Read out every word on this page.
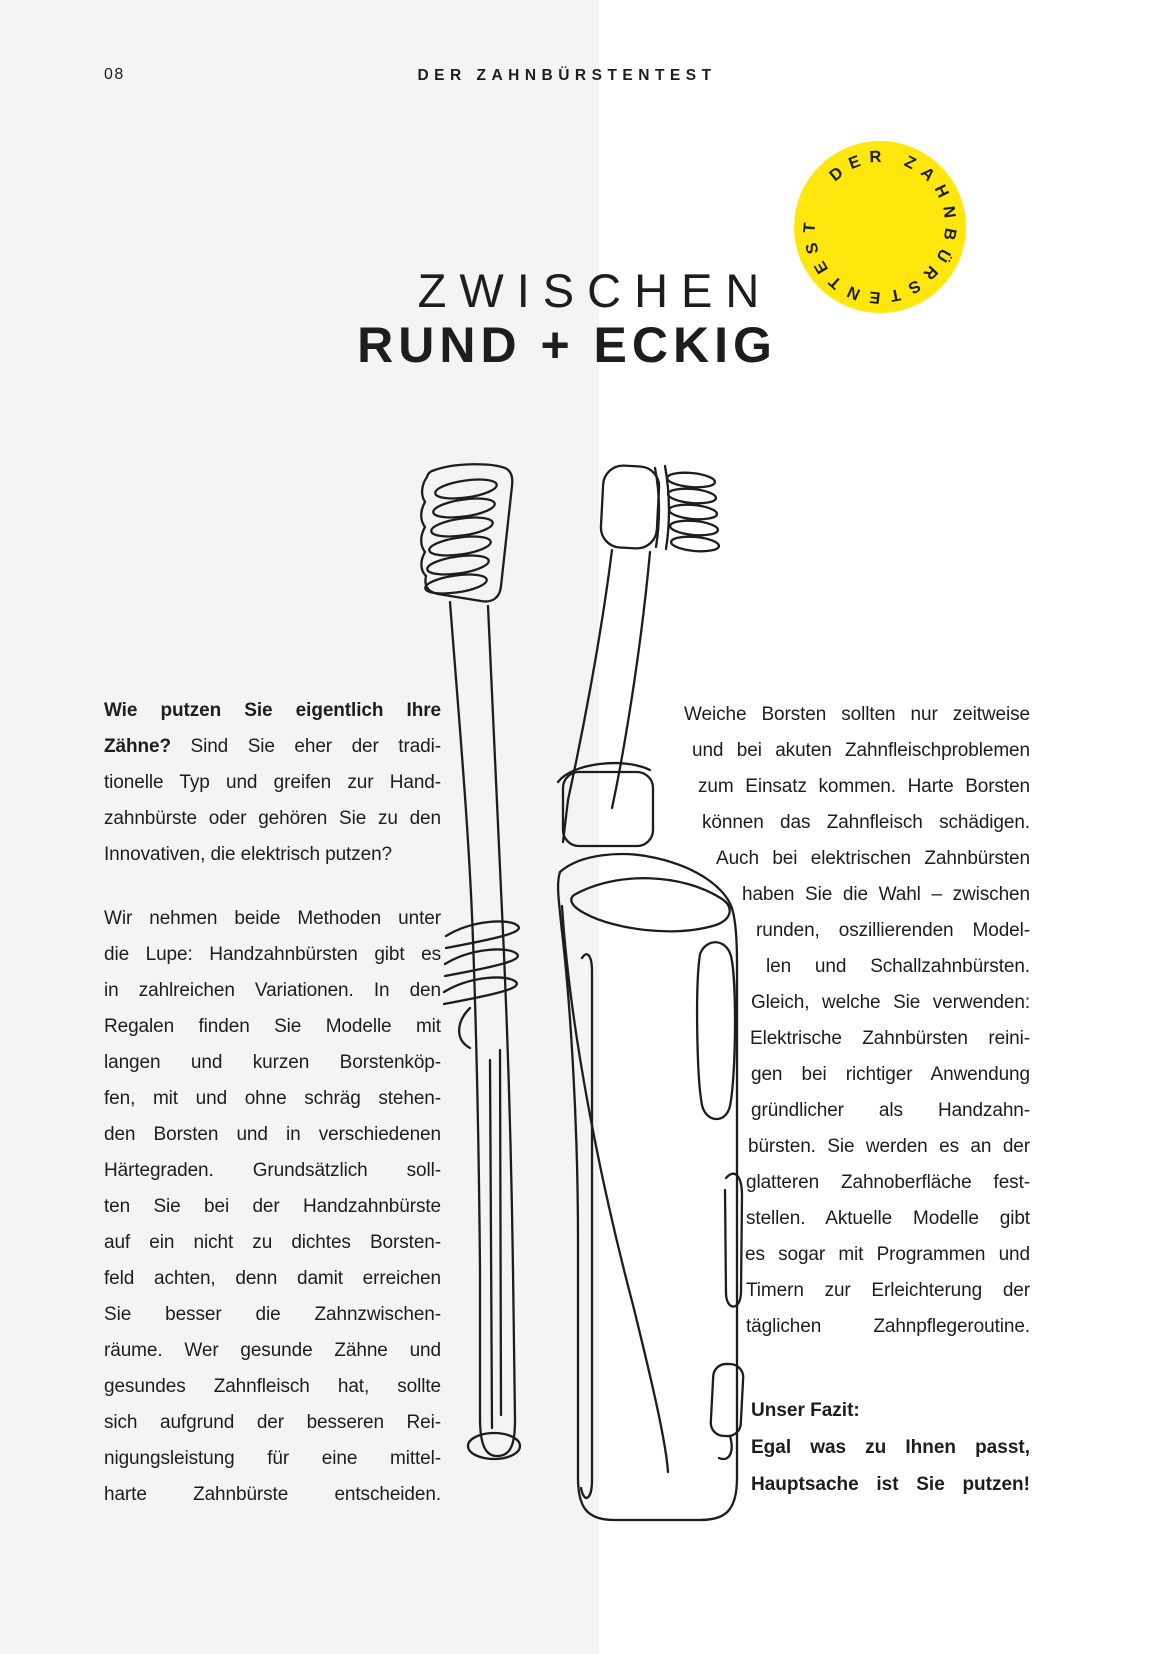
08	DER ZAHNBÜRSTENTEST
DER ZAHNBÜRSTENTEST
ZWISCHEN
RUND + ECKIG
Wie putzen Sie eigentlich Ihre
Zähne? Sind Sie eher der tradi-
tionelle Typ und greifen zur Hand-
zahnbürste oder gehören Sie zu den
Innovativen, die elektrisch putzen?
Wir nehmen beide Methoden unter
die Lupe: Handzahnbürsten gibt es
in zahlreichen Variationen. In den
Regalen finden Sie Modelle mit
langen und kurzen Borstenköp-
fen, mit und ohne schräg stehen-
den Borsten und in verschiedenen
Härtegraden. Grundsätzlich soll-
ten Sie bei der Handzahnbürste
auf ein nicht zu dichtes Borsten-
feld achten, denn damit erreichen
Sie besser die Zahnzwischen-
räume. Wer gesunde Zähne und
gesundes Zahnfleisch hat, sollte
sich aufgrund der besseren Rei-
nigungsleistung für eine mittel-
harte Zahnbürste entscheiden.
Weiche Borsten sollten nur zeitweise
und bei akuten Zahnfleischproblemen
zum Einsatz kommen. Harte Borsten
können das Zahnfleisch schädigen.
Auch bei elektrischen Zahnbürsten
haben Sie die Wahl – zwischen
runden, oszillierenden Model-
len und Schallzahnbürsten.
Gleich, welche Sie verwenden:
Elektrische Zahnbürsten reini-
gen bei richtiger Anwendung
gründlicher als Handzahn-
bürsten. Sie werden es an der
glatteren Zahnoberfläche fest-
stellen. Aktuelle Modelle gibt
es sogar mit Programmen und
Timern zur Erleichterung der
täglichen Zahnpflegeroutine.
Unser Fazit:
Egal was zu Ihnen passt,
Hauptsache ist Sie putzen!
